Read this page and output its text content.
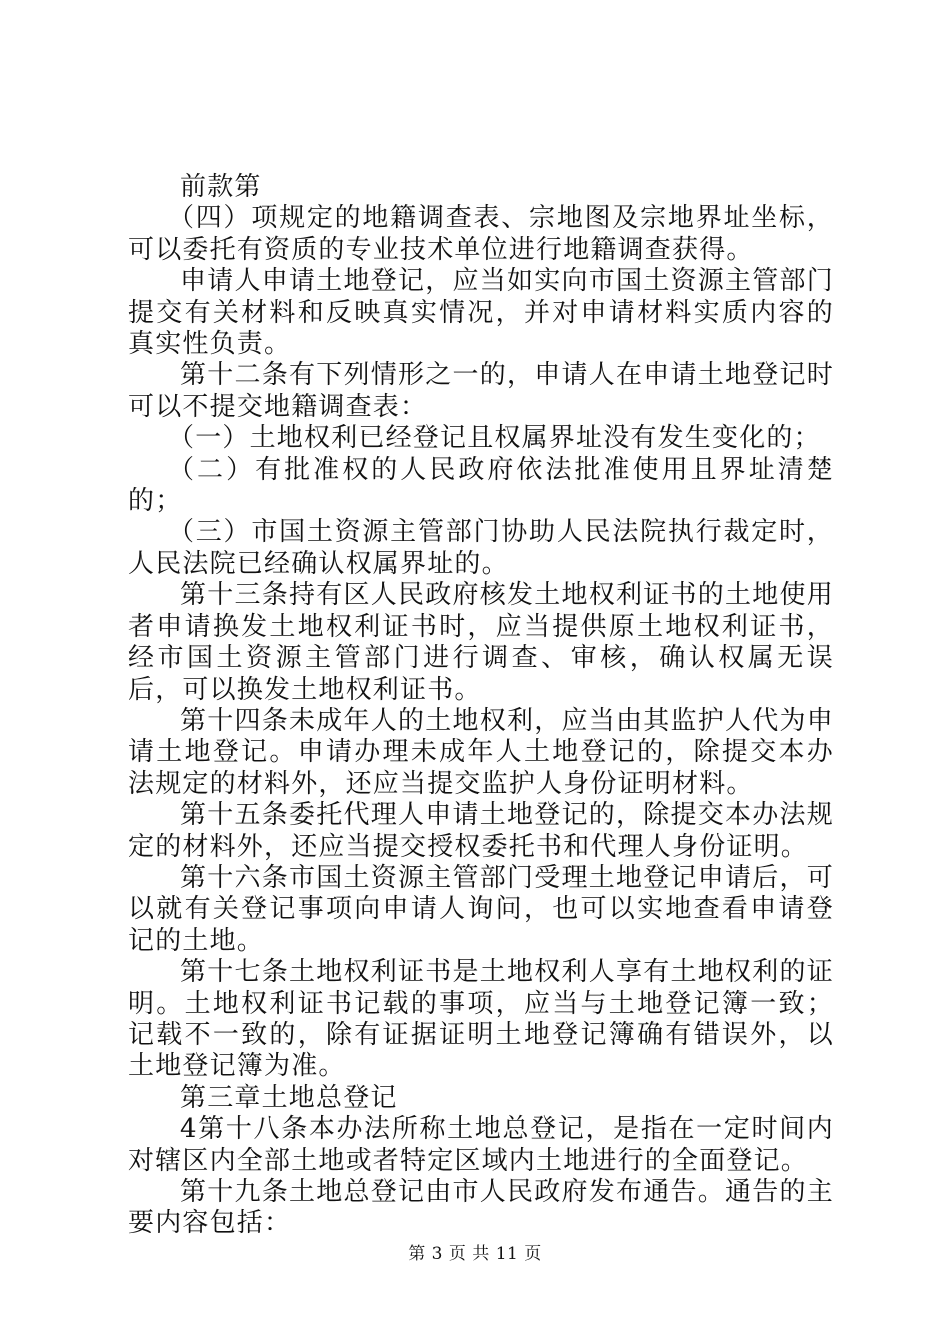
前款第

（四）项规定的地籍调查表、宗地图及宗地界址坐标，可以委托有资质的专业技术单位进行地籍调查获得。

申请人申请土地登记，应当如实向市国土资源主管部门提交有关材料和反映真实情况，并对申请材料实质内容的真实性负责。

第十二条有下列情形之一的，申请人在申请土地登记时可以不提交地籍调查表：

（一）土地权利已经登记且权属界址没有发生变化的；

（二）有批准权的人民政府依法批准使用且界址清楚的；

（三）市国土资源主管部门协助人民法院执行裁定时，人民法院已经确认权属界址的。

第十三条持有区人民政府核发土地权利证书的土地使用者申请换发土地权利证书时，应当提供原土地权利证书，经市国土资源主管部门进行调查、审核，确认权属无误后，可以换发土地权利证书。

第十四条未成年人的土地权利，应当由其监护人代为申请土地登记。申请办理未成年人土地登记的，除提交本办法规定的材料外，还应当提交监护人身份证明材料。

第十五条委托代理人申请土地登记的，除提交本办法规定的材料外，还应当提交授权委托书和代理人身份证明。

第十六条市国土资源主管部门受理土地登记申请后，可以就有关登记事项向申请人询问，也可以实地查看申请登记的土地。

第十七条土地权利证书是土地权利人享有土地权利的证明。土地权利证书记载的事项，应当与土地登记簿一致；记载不一致的，除有证据证明土地登记簿确有错误外，以土地登记簿为准。

第三章土地总登记

4第十八条本办法所称土地总登记，是指在一定时间内对辖区内全部土地或者特定区域内土地进行的全面登记。

第十九条土地总登记由市人民政府发布通告。通告的主要内容包括：

第 3 页 共 11 页
